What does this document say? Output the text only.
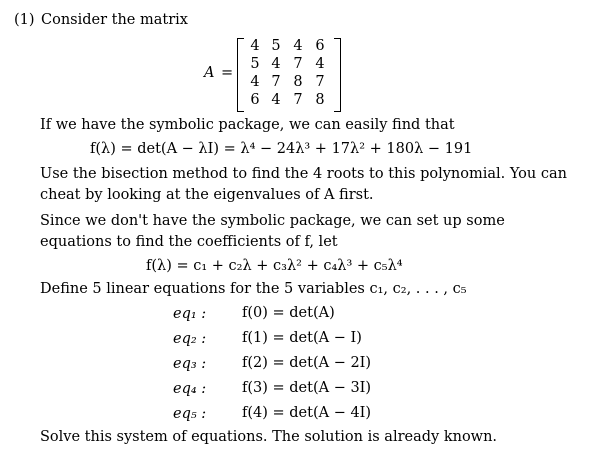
(1) Consider the matrix
A =
4 5 4 6
5 4 7 4
4 7 8 7
6 4 7 8
If we have the symbolic package, we can easily find that
f(λ) = det(A − λI) = λ⁴ − 24λ³ + 17λ² + 180λ − 191
Use the bisection method to find the 4 roots to this polynomial. You can cheat by looking at the eigenvalues of A first.
Since we don't have the symbolic package, we can set up some equations to find the coefficients of f, let
f(λ) = c₁ + c₂λ + c₃λ² + c₄λ³ + c₅λ⁴
Define 5 linear equations for the 5 variables c₁, c₂, . . . , c₅
eq₁ : f(0) = det(A)
eq₂ : f(1) = det(A − I)
eq₃ : f(2) = det(A − 2I)
eq₄ : f(3) = det(A − 3I)
eq₅ : f(4) = det(A − 4I)
Solve this system of equations. The solution is already known.
